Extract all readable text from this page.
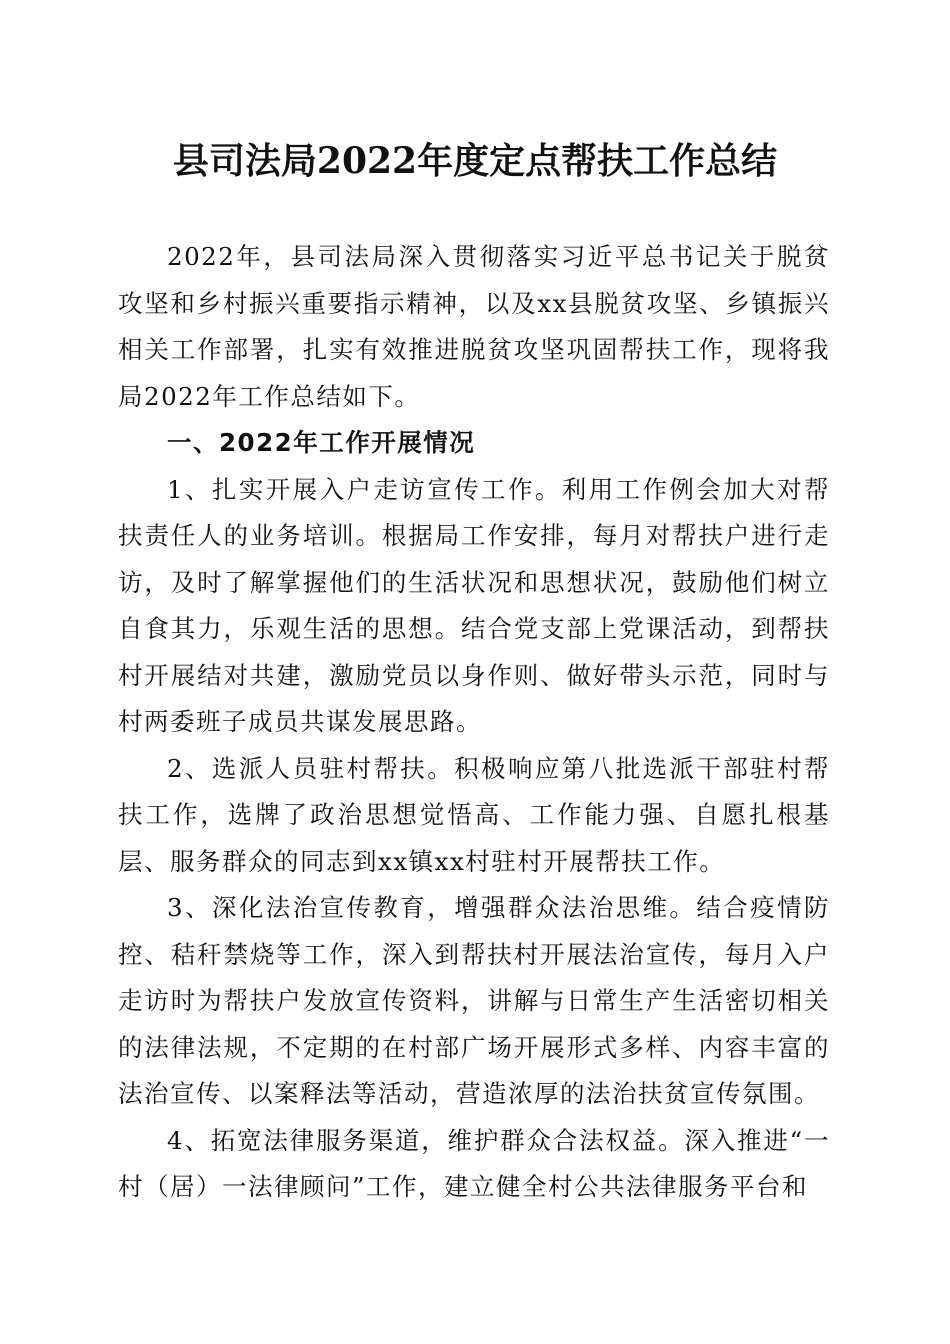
县司法局2022年度定点帮扶工作总结

2022年，县司法局深入贯彻落实习近平总书记关于脱贫攻坚和乡村振兴重要指示精神，以及xx县脱贫攻坚、乡镇振兴相关工作部署，扎实有效推进脱贫攻坚巩固帮扶工作，现将我局2022年工作总结如下。

一、2022年工作开展情况

1、扎实开展入户走访宣传工作。利用工作例会加大对帮扶责任人的业务培训。根据局工作安排，每月对帮扶户进行走访，及时了解掌握他们的生活状况和思想状况，鼓励他们树立自食其力，乐观生活的思想。结合党支部上党课活动，到帮扶村开展结对共建，激励党员以身作则、做好带头示范，同时与村两委班子成员共谋发展思路。

2、选派人员驻村帮扶。积极响应第八批选派干部驻村帮扶工作，选牌了政治思想觉悟高、工作能力强、自愿扎根基层、服务群众的同志到xx镇xx村驻村开展帮扶工作。

3、深化法治宣传教育，增强群众法治思维。结合疫情防控、秸秆禁烧等工作，深入到帮扶村开展法治宣传，每月入户走访时为帮扶户发放宣传资料，讲解与日常生产生活密切相关的法律法规，不定期的在村部广场开展形式多样、内容丰富的法治宣传、以案释法等活动，营造浓厚的法治扶贫宣传氛围。

4、拓宽法律服务渠道，维护群众合法权益。深入推进“一村（居）一法律顾问”工作，建立健全村公共法律服务平台和
